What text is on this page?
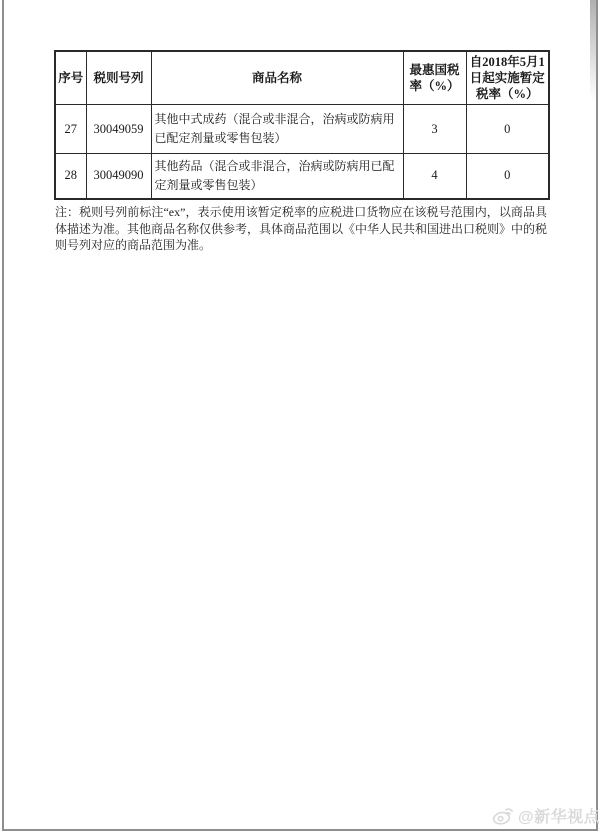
序号	税则号列	商品名称	最惠国税率（%）	自2018年5月1日起实施暂定税率（%）
27	30049059	其他中式成药（混合或非混合，治病或防病用已配定剂量或零售包装）	3	0
28	30049090	其他药品（混合或非混合，治病或防病用已配定剂量或零售包装）	4	0

注：税则号列前标注“ex”，表示使用该暂定税率的应税进口货物应在该税号范围内，以商品具体描述为准。其他商品名称仅供参考，具体商品范围以《中华人民共和国进出口税则》中的税则号列对应的商品范围为准。

@新华视点
